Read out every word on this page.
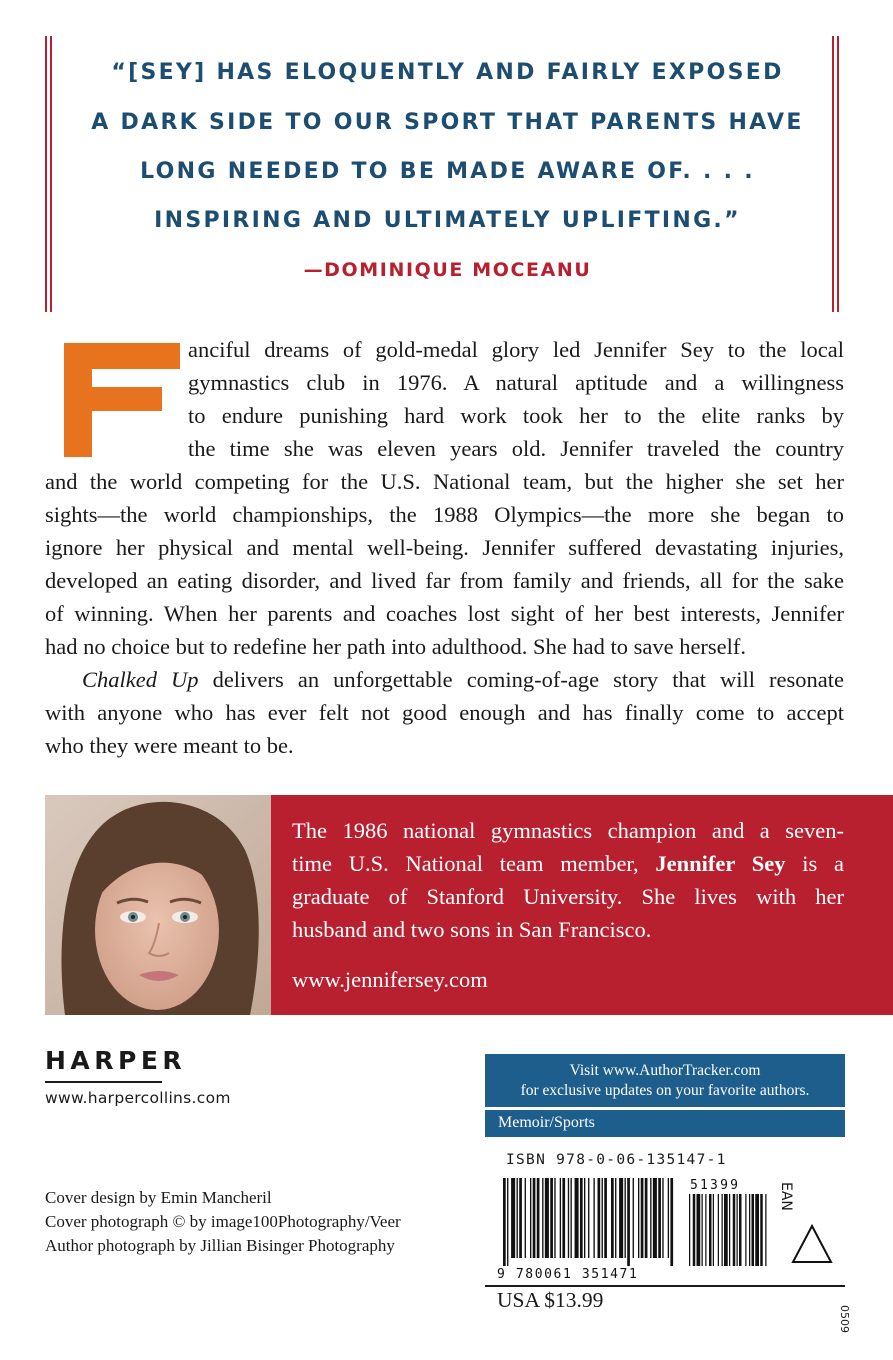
“[SEY] HAS ELOQUENTLY AND FAIRLY EXPOSED
A DARK SIDE TO OUR SPORT THAT PARENTS HAVE
LONG NEEDED TO BE MADE AWARE OF. . . .
INSPIRING AND ULTIMATELY UPLIFTING.”
—DOMINIQUE MOCEANU
anciful dreams of gold-medal glory led Jennifer Sey to the local
gymnastics club in 1976. A natural aptitude and a willingness
to endure punishing hard work took her to the elite ranks by
the time she was eleven years old. Jennifer traveled the country
and the world competing for the U.S. National team, but the higher she set her
sights—the world championships, the 1988 Olympics—the more she began to
ignore her physical and mental well-being. Jennifer suffered devastating injuries,
developed an eating disorder, and lived far from family and friends, all for the sake
of winning. When her parents and coaches lost sight of her best interests, Jennifer
had no choice but to redefine her path into adulthood. She had to save herself.
Chalked Up delivers an unforgettable coming-of-age story that will resonate
with anyone who has ever felt not good enough and has finally come to accept
who they were meant to be.
The 1986 national gymnastics champion and a seven-
time U.S. National team member, Jennifer Sey is a
graduate of Stanford University. She lives with her
husband and two sons in San Francisco.
www.jennifersey.com
HARPER
www.harpercollins.com
Cover design by Emin Mancheril
Cover photograph © by image100Photography/Veer
Author photograph by Jillian Bisinger Photography
Visit www.AuthorTracker.com
for exclusive updates on your favorite authors.
Memoir/Sports
ISBN 978-0-06-135147-1
9 780061 351471
51399	EAN
USA $13.99
0509
